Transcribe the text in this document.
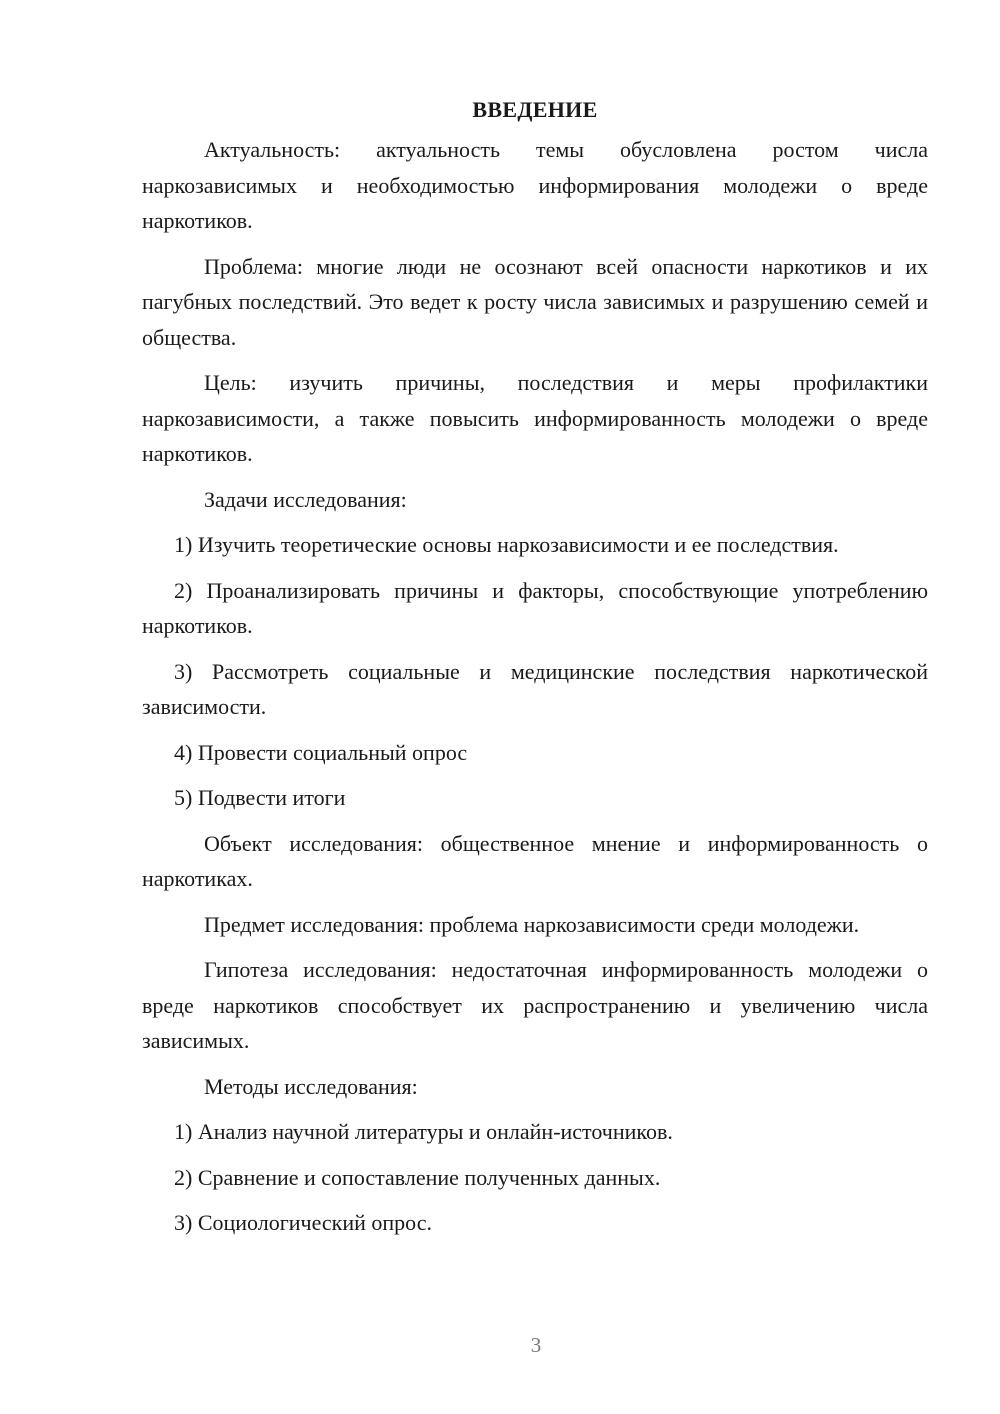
ВВЕДЕНИЕ

Актуальность: актуальность темы обусловлена ростом числа наркозависимых и необходимостью информирования молодежи о вреде наркотиков.

Проблема: многие люди не осознают всей опасности наркотиков и их пагубных последствий. Это ведет к росту числа зависимых и разрушению семей и общества.

Цель: изучить причины, последствия и меры профилактики наркозависимости, а также повысить информированность молодежи о вреде наркотиков.

Задачи исследования:

1) Изучить теоретические основы наркозависимости и ее последствия.

2) Проанализировать причины и факторы, способствующие употреблению наркотиков.

3) Рассмотреть социальные и медицинские последствия наркотической зависимости.

4) Провести социальный опрос

5) Подвести итоги

Объект исследования: общественное мнение и информированность о наркотиках.

Предмет исследования: проблема наркозависимости среди молодежи.

Гипотеза исследования: недостаточная информированность молодежи о вреде наркотиков способствует их распространению и увеличению числа зависимых.

Методы исследования:

1) Анализ научной литературы и онлайн-источников.

2) Сравнение и сопоставление полученных данных.

3) Социологический опрос.

3
